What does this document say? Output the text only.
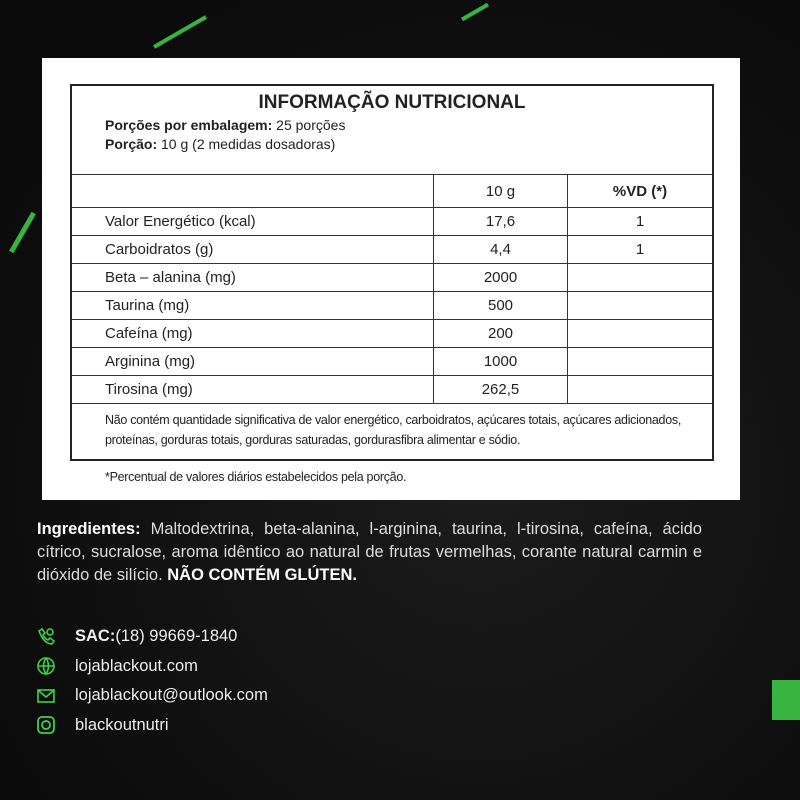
INFORMAÇÃO NUTRICIONAL
Porções por embalagem: 25 porções
Porção: 10 g (2 medidas dosadoras)
	10 g	%VD (*)
Valor Energético (kcal)	17,6	1
Carboidratos (g)	4,4	1
Beta – alanina (mg)	2000	
Taurina (mg)	500	
Cafeína (mg)	200	
Arginina (mg)	1000	
Tirosina (mg)	262,5	
Não contém quantidade significativa de valor energético, carboidratos, açúcares totais, açúcares adicionados, proteínas, gorduras totais, gorduras saturadas, gordurasfibra alimentar e sódio.
*Percentual de valores diários estabelecidos pela porção.
Ingredientes: Maltodextrina, beta-alanina, l-arginina, taurina, l-tirosina, cafeína, ácido cítrico, sucralose, aroma idêntico ao natural de frutas vermelhas, corante natural carmin e dióxido de silício. NÃO CONTÉM GLÚTEN.
SAC: (18) 99669-1840
lojablackout.com
lojablackout@outlook.com
blackoutnutri
